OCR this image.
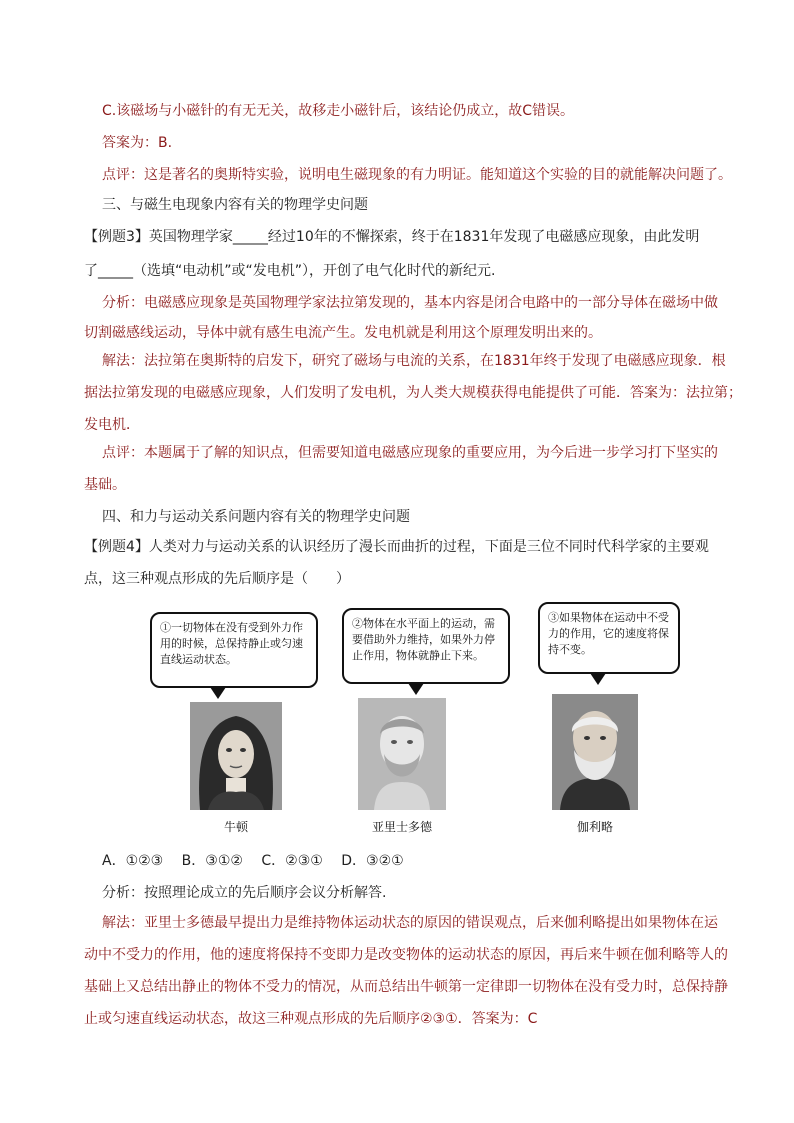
C.该磁场与小磁针的有无无关，故移走小磁针后，该结论仍成立，故C错误。
答案为：B.
点评：这是著名的奥斯特实验，说明电生磁现象的有力明证。能知道这个实验的目的就能解决问题了。
三、与磁生电现象内容有关的物理学史问题
【例题3】英国物理学家_____经过10年的不懈探索，终于在1831年发现了电磁感应现象，由此发明
了_____（选填“电动机”或“发电机”），开创了电气化时代的新纪元.
分析：电磁感应现象是英国物理学家法拉第发现的，基本内容是闭合电路中的一部分导体在磁场中做
切割磁感线运动，导体中就有感生电流产生。发电机就是利用这个原理发明出来的。
解法：法拉第在奥斯特的启发下，研究了磁场与电流的关系，在1831年终于发现了电磁感应现象．根
据法拉第发现的电磁感应现象，人们发明了发电机，为人类大规模获得电能提供了可能．答案为：法拉第；
发电机．
点评：本题属于了解的知识点，但需要知道电磁感应现象的重要应用，为今后进一步学习打下坚实的
基础。
四、和力与运动关系问题内容有关的物理学史问题
【例题4】人类对力与运动关系的认识经历了漫长而曲折的过程，下面是三位不同时代科学家的主要观
点，这三种观点形成的先后顺序是（　　）
①一切物体在没有受到外力作用的时候，总保持静止或匀速直线运动状态。
②物体在水平面上的运动，需要借助外力维持，如果外力停止作用，物体就静止下来。
③如果物体在运动中不受力的作用，它的速度将保持不变。
牛顿	亚里士多德	伽利略
A．①②③　 B．③①②　 C．②③①　 D．③②①
分析：按照理论成立的先后顺序会议分析解答.
解法：亚里士多德最早提出力是维持物体运动状态的原因的错误观点，后来伽利略提出如果物体在运
动中不受力的作用，他的速度将保持不变即力是改变物体的运动状态的原因，再后来牛顿在伽利略等人的
基础上又总结出静止的物体不受力的情况，从而总结出牛顿第一定律即一切物体在没有受力时，总保持静
止或匀速直线运动状态，故这三种观点形成的先后顺序②③①．答案为：C
